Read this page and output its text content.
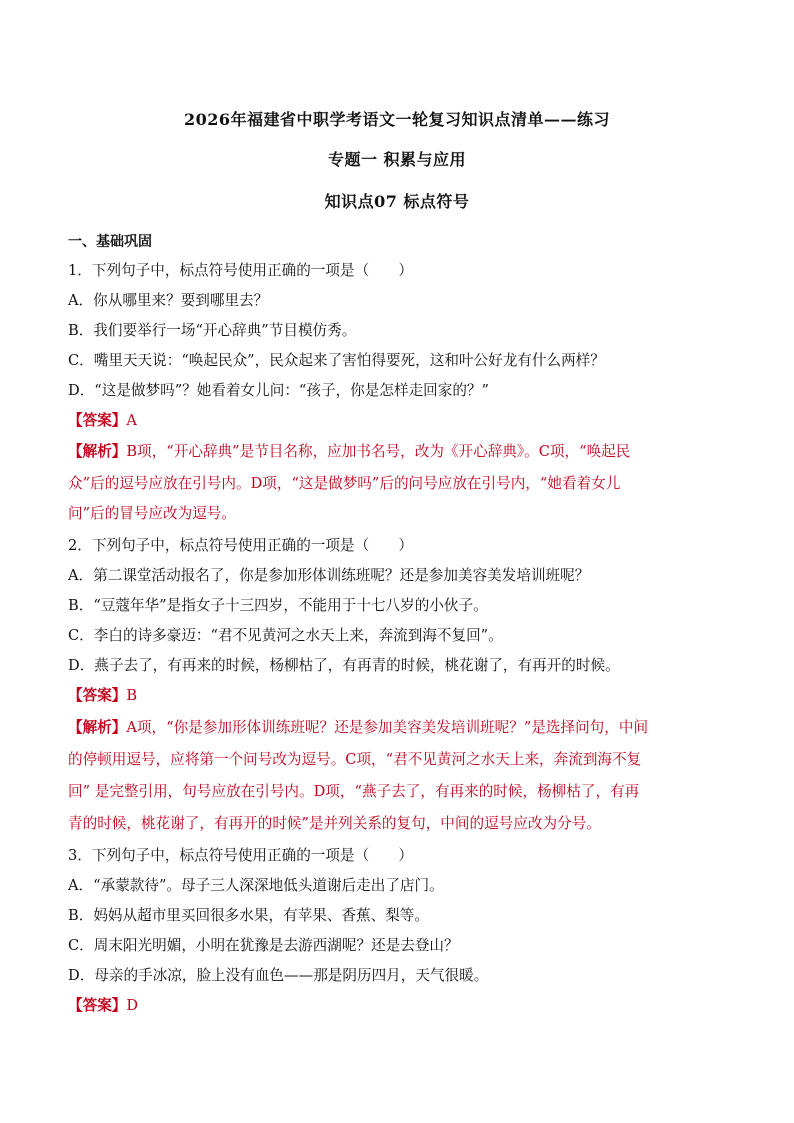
2026年福建省中职学考语文一轮复习知识点清单——练习
专题一 积累与应用
知识点07 标点符号
一、基础巩固
1．下列句子中，标点符号使用正确的一项是（　　）
A．你从哪里来？要到哪里去？
B．我们要举行一场“开心辞典”节目模仿秀。
C．嘴里天天说：“唤起民众”，民众起来了害怕得要死，这和叶公好龙有什么两样？
D．“这是做梦吗”？她看着女儿问：“孩子，你是怎样走回家的？”
【答案】A
【解析】B项，“开心辞典”是节目名称，应加书名号，改为《开心辞典》。C项，“唤起民
众”后的逗号应放在引号内。D项，“这是做梦吗”后的问号应放在引号内，“她看着女儿
问”后的冒号应改为逗号。
2．下列句子中，标点符号使用正确的一项是（　　）
A．第二课堂活动报名了，你是参加形体训练班呢？还是参加美容美发培训班呢？
B．“豆蔻年华”是指女子十三四岁，不能用于十七八岁的小伙子。
C．李白的诗多豪迈：“君不见黄河之水天上来，奔流到海不复回”。
D．燕子去了，有再来的时候，杨柳枯了，有再青的时候，桃花谢了，有再开的时候。
【答案】B
【解析】A项，“你是参加形体训练班呢？还是参加美容美发培训班呢？”是选择问句，中间
的停顿用逗号，应将第一个问号改为逗号。C项，“君不见黄河之水天上来，奔流到海不复
回” 是完整引用，句号应放在引号内。D项，“燕子去了，有再来的时候，杨柳枯了，有再
青的时候，桃花谢了，有再开的时候”是并列关系的复句，中间的逗号应改为分号。
3．下列句子中，标点符号使用正确的一项是（　　）
A．“承蒙款待”。母子三人深深地低头道谢后走出了店门。
B．妈妈从超市里买回很多水果，有苹果、香蕉、梨等。
C．周末阳光明媚，小明在犹豫是去游西湖呢？还是去登山？
D．母亲的手冰凉，脸上没有血色——那是阴历四月，天气很暖。
【答案】D
